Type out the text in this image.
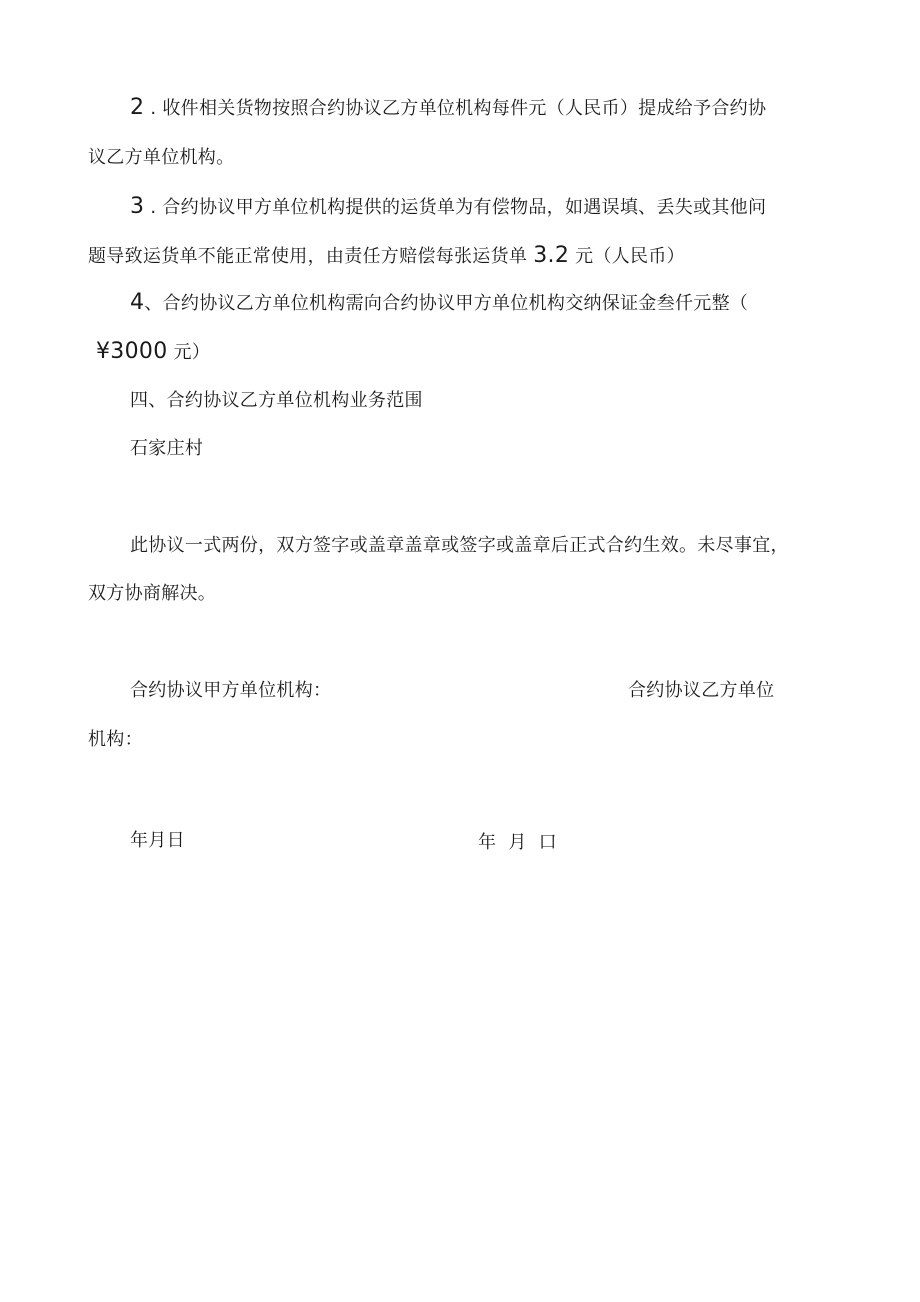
2 . 收件相关货物按照合约协议乙方单位机构每件元（人民币）提成给予合约协
议乙方单位机构。
3 . 合约协议甲方单位机构提供的运货单为有偿物品，如遇误填、丢失或其他问
题导致运货单不能正常使用，由责任方赔偿每张运货单 3.2 元（人民币）
4、合约协议乙方单位机构需向合约协议甲方单位机构交纳保证金叁仟元整（
¥3000 元）
四、合约协议乙方单位机构业务范围
石家庄村
此协议一式两份，双方签字或盖章盖章或签字或盖章后正式合约生效。未尽事宜，
双方协商解决。
合约协议甲方单位机构：	合约协议乙方单位
机构：
年月日	年  月  口
